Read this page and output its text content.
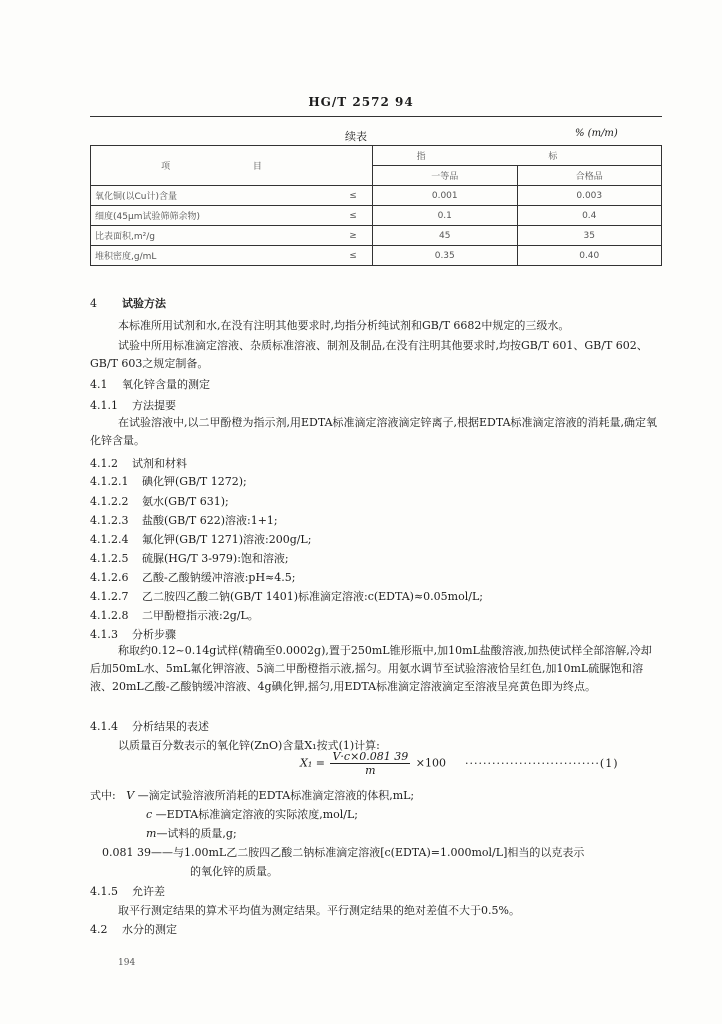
HG/T 2572 94
续表	% (m/m)
项 目		指 标	
		一等品	合格品
氧化铜(以Cu计)含量	≤	0.001	0.003
细度(45μm试验筛筛余物)	≤	0.1	0.4
比表面积,m²/g	≥	45	35
堆积密度,g/mL	≤	0.35	0.40
4 试验方法
本标准所用试剂和水,在没有注明其他要求时,均指分析纯试剂和GB/T 6682中规定的三级水。
试验中所用标准滴定溶液、杂质标准溶液、制剂及制品,在没有注明其他要求时,均按GB/T 601、GB/T 602、GB/T 603之规定制备。
4.1 氧化锌含量的测定
4.1.1 方法提要
在试验溶液中,以二甲酚橙为指示剂,用EDTA标准滴定溶液滴定锌离子,根据EDTA标准滴定溶液的消耗量,确定氧化锌含量。
4.1.2 试剂和材料
4.1.2.1 碘化钾(GB/T 1272);
4.1.2.2 氨水(GB/T 631);
4.1.2.3 盐酸(GB/T 622)溶液:1+1;
4.1.2.4 氟化钾(GB/T 1271)溶液:200g/L;
4.1.2.5 硫脲(HG/T 3-979):饱和溶液;
4.1.2.6 乙酸-乙酸钠缓冲溶液:pH≈4.5;
4.1.2.7 乙二胺四乙酸二钠(GB/T 1401)标准滴定溶液:c(EDTA)≈0.05mol/L;
4.1.2.8 二甲酚橙指示液:2g/L。
4.1.3 分析步骤
称取约0.12~0.14g试样(精确至0.0002g),置于250mL锥形瓶中,加10mL盐酸溶液,加热使试样全部溶解,冷却后加50mL水、5mL氟化钾溶液、5滴二甲酚橙指示液,摇匀。用氨水调节至试验溶液恰呈红色,加10mL硫脲饱和溶液、20mL乙酸-乙酸钠缓冲溶液、4g碘化钾,摇匀,用EDTA标准滴定溶液滴定至溶液呈亮黄色即为终点。
4.1.4 分析结果的表述
以质量百分数表示的氧化锌(ZnO)含量X₁按式(1)计算:
$X_1 = \frac{V\cdot c\times 0.081 39}{m} \times 100 \cdot\cdot\cdot\cdot\cdot\cdot\cdot\cdot\cdot\cdot\cdot\cdot\cdot\cdot\cdot\cdot\cdot\cdot\cdot\cdot\cdot\cdot\cdot\cdot\cdot\cdot\cdot\cdot\cdot\cdot(1)$
式中: V —滴定试验溶液所消耗的EDTA标准滴定溶液的体积,mL;
c —EDTA标准滴定溶液的实际浓度,mol/L;
m—试料的质量,g;
0.081 39——与1.00mL乙二胺四乙酸二钠标准滴定溶液[c(EDTA)=1.000mol/L]相当的以克表示
的氧化锌的质量。
4.1.5 允许差
取平行测定结果的算术平均值为测定结果。平行测定结果的绝对差值不大于0.5%。
4.2 水分的测定
194
